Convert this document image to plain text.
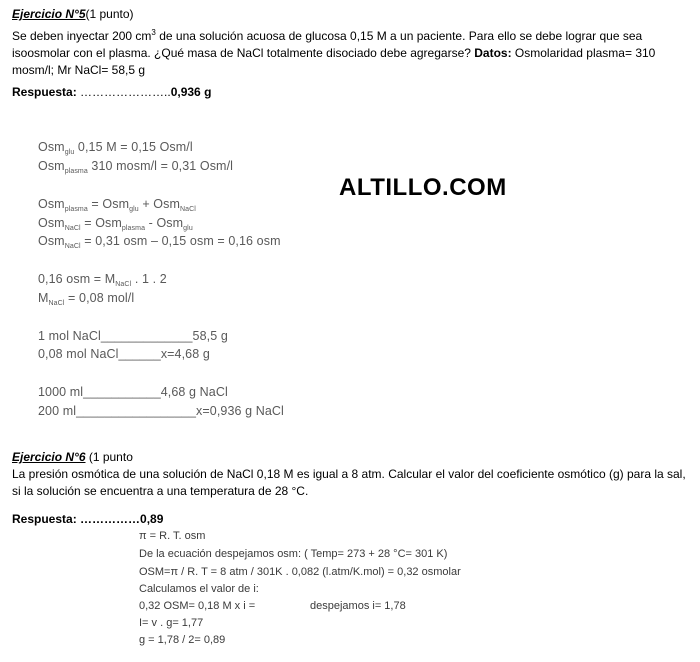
Ejercicio N°5(1 punto)
Se deben inyectar 200 $cm^3$ de una solución acuosa de glucosa 0,15 M a un paciente. Para ello se debe lograr que sea isoosmolar con el plasma. ¿Qué masa de NaCl totalmente disociado debe agregarse? Datos: Osmolaridad plasma= 310 mosm/l; Mr NaCl= 58,5 g
Respuesta: …………………..0,936 g
Osm$_{glu}$ 0,15 M = 0,15 Osm/l
Osm$_{plasma}$ 310 mosm/l = 0,31 Osm/l
Osm$_{plasma}$ = Osm$_{glu}$ + Osm$_{NaCl}$
Osm$_{NaCl}$ = Osm$_{plasma}$ - Osm$_{glu}$
Osm$_{NaCl}$ = 0,31 osm – 0,15 osm = 0,16 osm
0,16 osm = $M_{NaCl}$ . 1 . 2
$M_{NaCl} = 0,08$ mol/l
1 mol NaCl_____________58,5 g
0,08 mol NaCl______x=4,68 g
1000 ml___________4,68 g NaCl
200 ml_________________x=0,936 g NaCl
ALTILLO.COM
Ejercicio N°6 (1 punto
La presión osmótica de una solución de NaCl 0,18 M es igual a 8 atm. Calcular el valor del coeficiente osmótico (g) para la sal, si la solución se encuentra a una temperatura de 28 °C.
Respuesta: ……………0,89
π = R. T. osm
De la ecuación despejamos osm: ( Temp= 273 + 28 °C= 301 K)
OSM=π / R. T = 8 atm / 301K . 0,082 (l.atm/K.mol) = 0,32 osmolar
Calculamos el valor de i:
0,32 OSM= 0,18 M x i =	despejamos i= 1,78
I= v . g= 1,77
g = 1,78 / 2= 0,89
